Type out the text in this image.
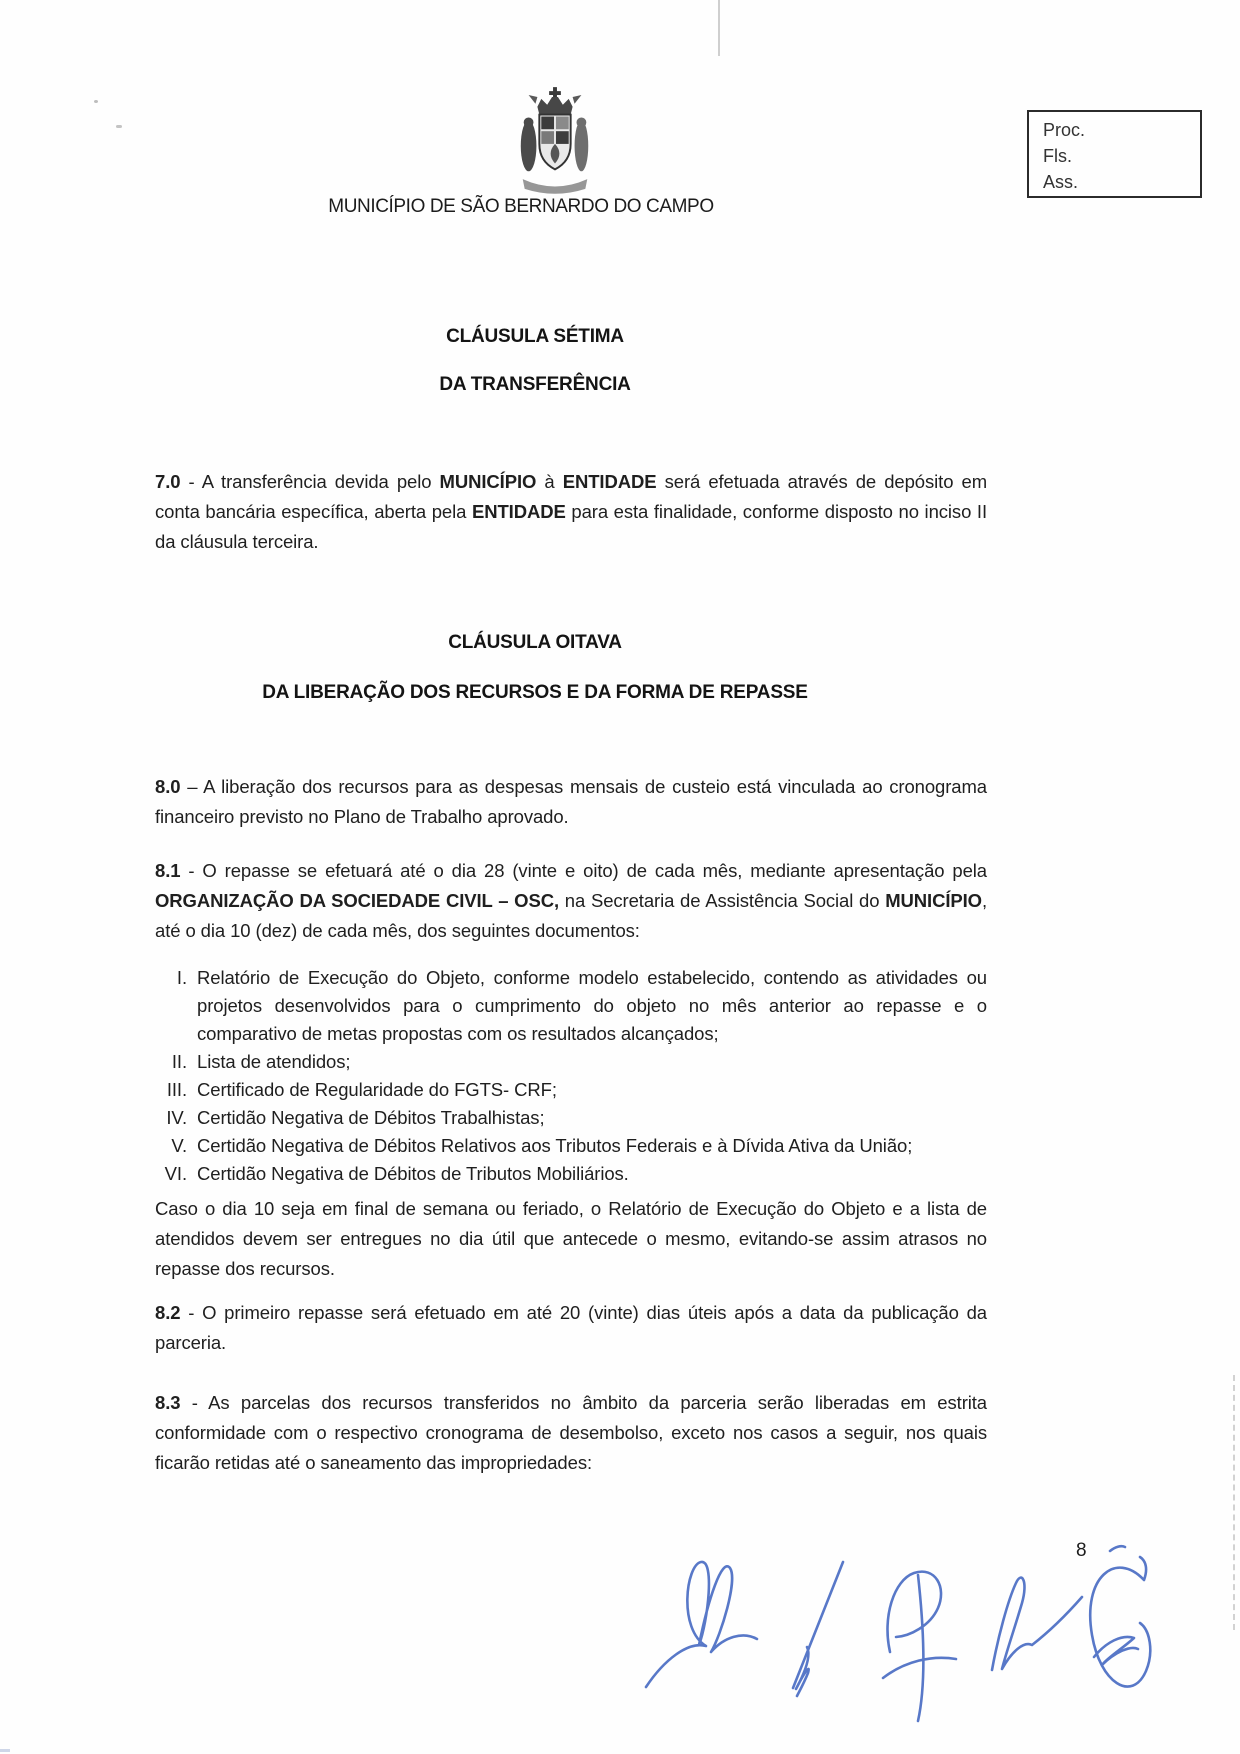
MUNICÍPIO DE SÃO BERNARDO DO CAMPO
Proc.
Fls.
Ass.
CLÁUSULA SÉTIMA
DA TRANSFERÊNCIA
7.0 - A transferência devida pelo MUNICÍPIO à ENTIDADE será efetuada através de depósito em conta bancária específica, aberta pela ENTIDADE para esta finalidade, conforme disposto no inciso II da cláusula terceira.
CLÁUSULA OITAVA
DA LIBERAÇÃO DOS RECURSOS E DA FORMA DE REPASSE
8.0 – A liberação dos recursos para as despesas mensais de custeio está vinculada ao cronograma financeiro previsto no Plano de Trabalho aprovado.
8.1 - O repasse se efetuará até o dia 28 (vinte e oito) de cada mês, mediante apresentação pela ORGANIZAÇÃO DA SOCIEDADE CIVIL – OSC, na Secretaria de Assistência Social do MUNICÍPIO, até o dia 10 (dez) de cada mês, dos seguintes documentos:
I. Relatório de Execução do Objeto, conforme modelo estabelecido, contendo as atividades ou projetos desenvolvidos para o cumprimento do objeto no mês anterior ao repasse e o comparativo de metas propostas com os resultados alcançados;
II. Lista de atendidos;
III. Certificado de Regularidade do FGTS- CRF;
IV. Certidão Negativa de Débitos Trabalhistas;
V. Certidão Negativa de Débitos Relativos aos Tributos Federais e à Dívida Ativa da União;
VI. Certidão Negativa de Débitos de Tributos Mobiliários.
Caso o dia 10 seja em final de semana ou feriado, o Relatório de Execução do Objeto e a lista de atendidos devem ser entregues no dia útil que antecede o mesmo, evitando-se assim atrasos no repasse dos recursos.
8.2 - O primeiro repasse será efetuado em até 20 (vinte) dias úteis após a data da publicação da parceria.
8.3 - As parcelas dos recursos transferidos no âmbito da parceria serão liberadas em estrita conformidade com o respectivo cronograma de desembolso, exceto nos casos a seguir, nos quais ficarão retidas até o saneamento das impropriedades:
8
